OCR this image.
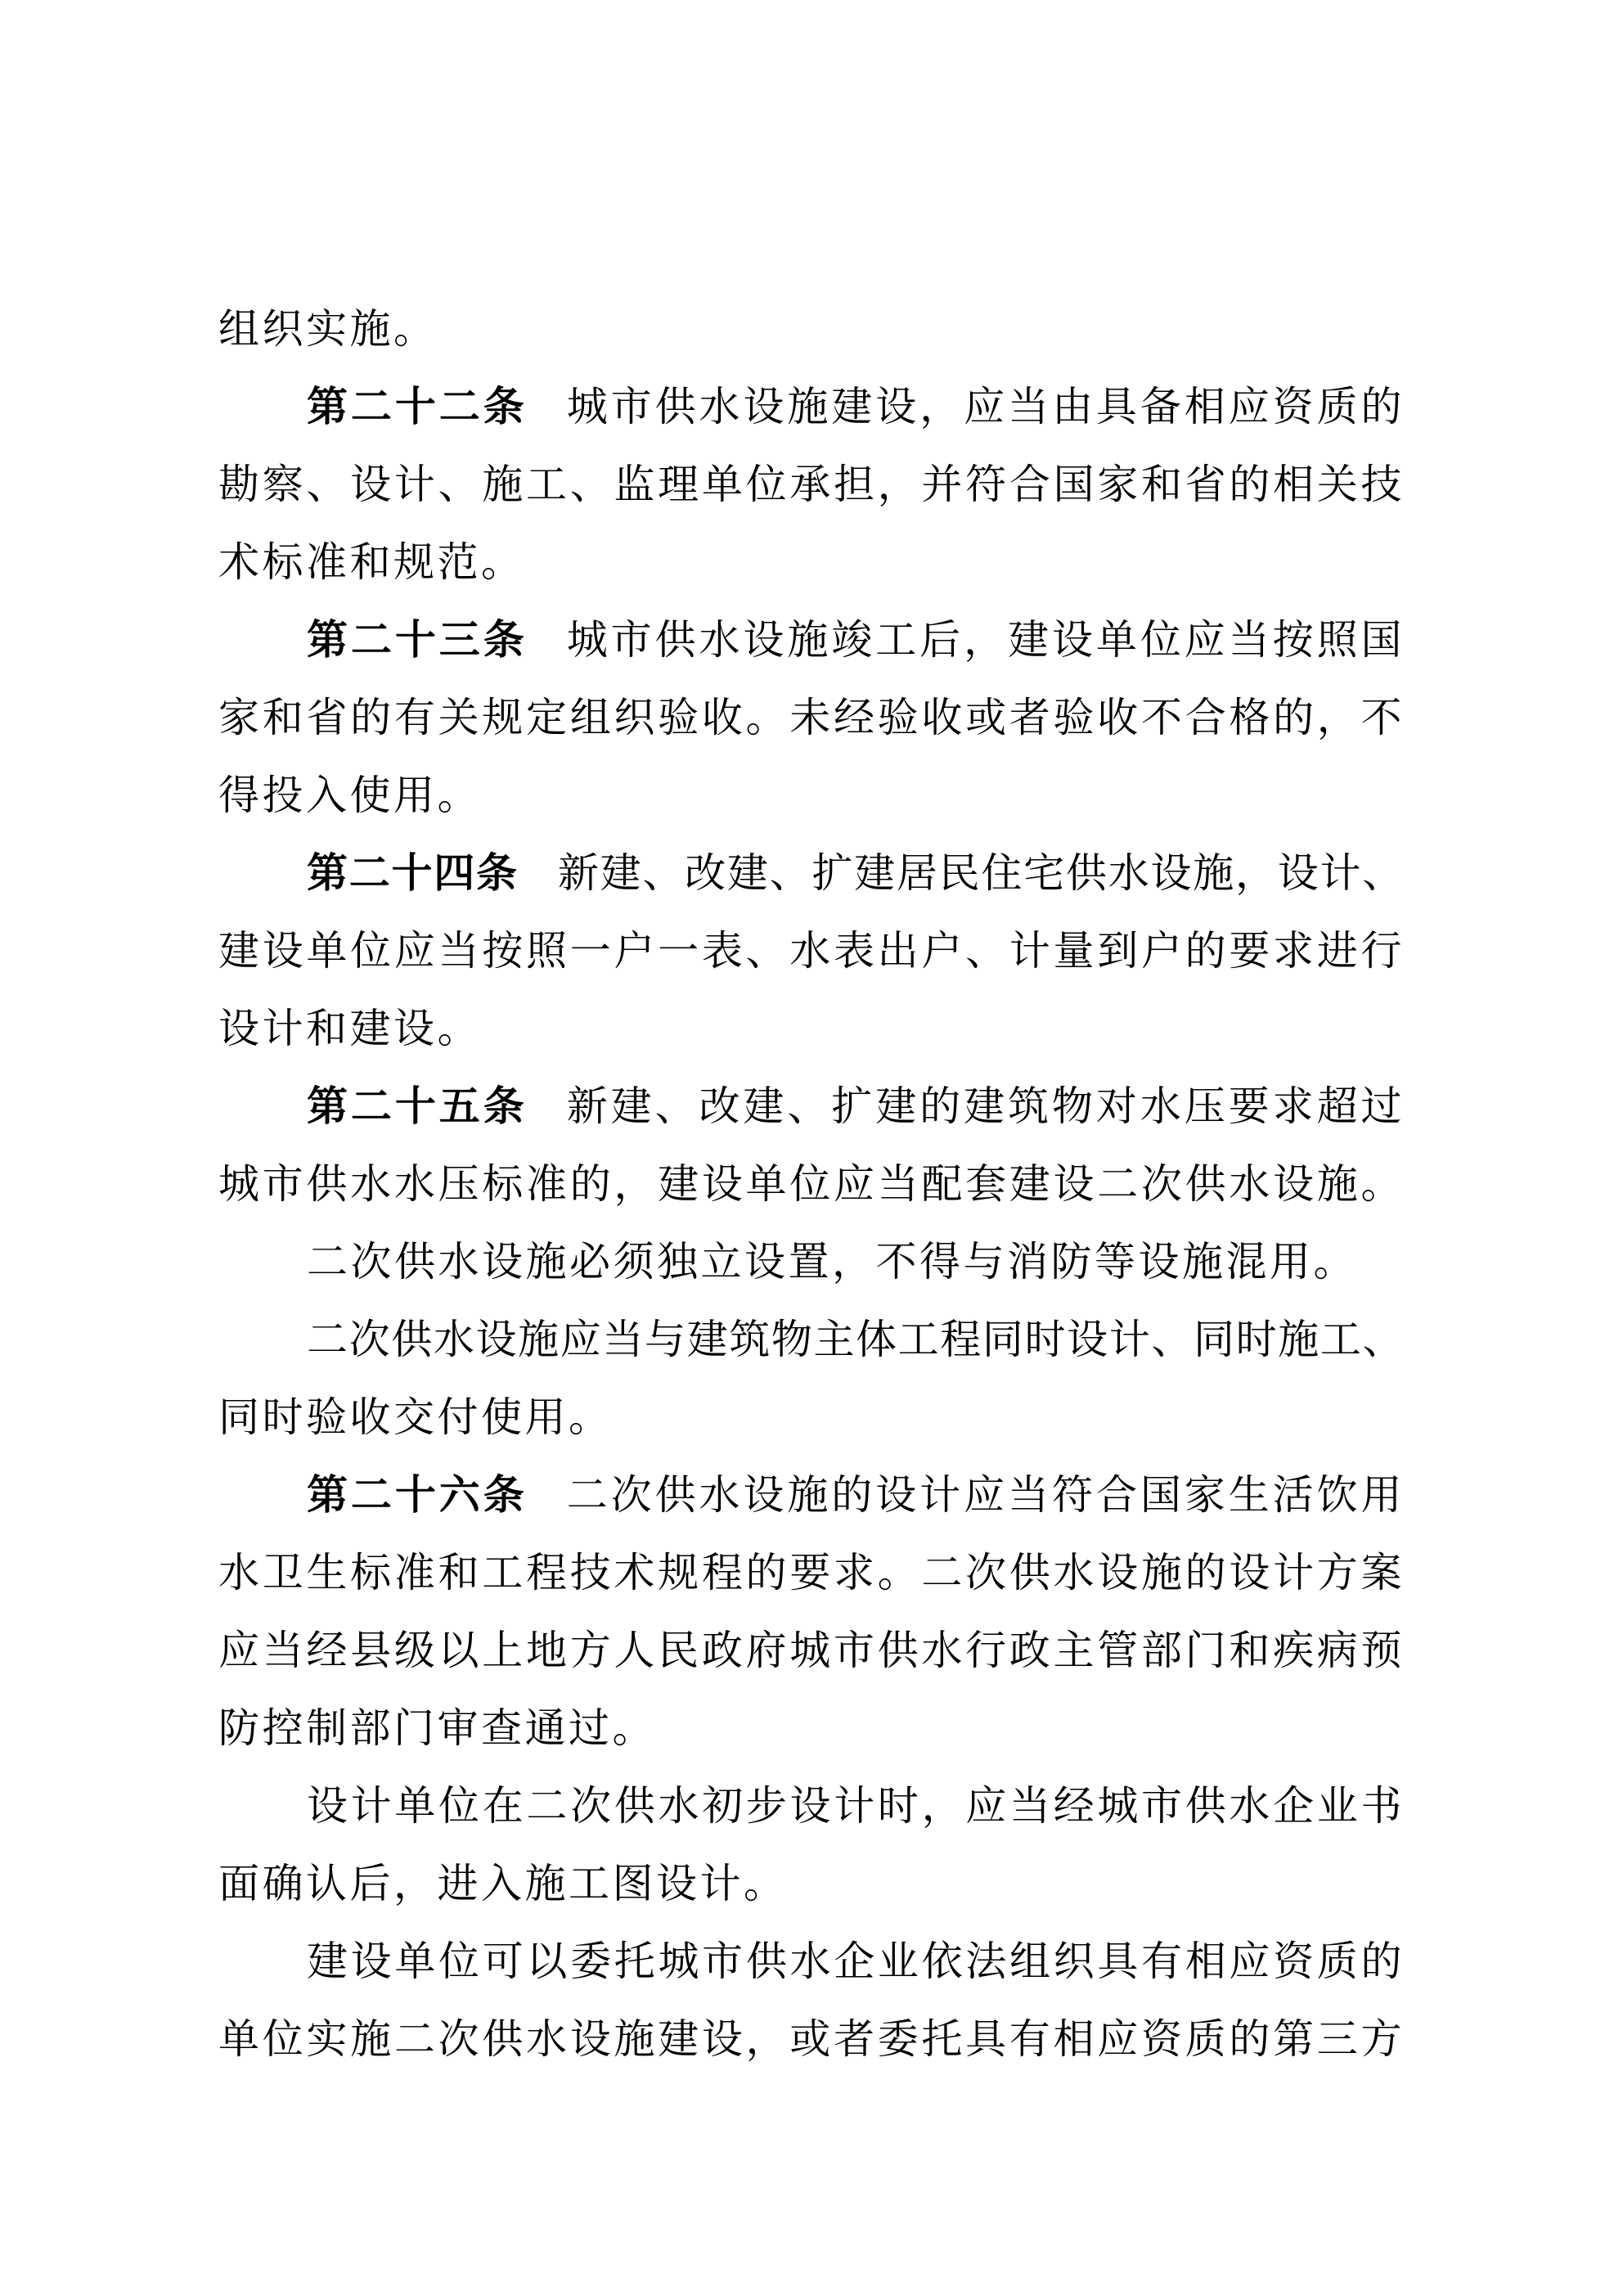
组织实施。
第二十二条 城市供水设施建设，应当由具备相应资质的
勘察、设计、施工、监理单位承担，并符合国家和省的相关技
术标准和规范。
第二十三条 城市供水设施竣工后，建设单位应当按照国
家和省的有关规定组织验收。未经验收或者验收不合格的，不
得投入使用。
第二十四条 新建、改建、扩建居民住宅供水设施，设计、
建设单位应当按照一户一表、水表出户、计量到户的要求进行
设计和建设。
第二十五条 新建、改建、扩建的建筑物对水压要求超过
城市供水水压标准的，建设单位应当配套建设二次供水设施。
二次供水设施必须独立设置，不得与消防等设施混用。
二次供水设施应当与建筑物主体工程同时设计、同时施工、
同时验收交付使用。
第二十六条 二次供水设施的设计应当符合国家生活饮用
水卫生标准和工程技术规程的要求。二次供水设施的设计方案
应当经县级以上地方人民政府城市供水行政主管部门和疾病预
防控制部门审查通过。
设计单位在二次供水初步设计时，应当经城市供水企业书
面确认后，进入施工图设计。
建设单位可以委托城市供水企业依法组织具有相应资质的
单位实施二次供水设施建设，或者委托具有相应资质的第三方
